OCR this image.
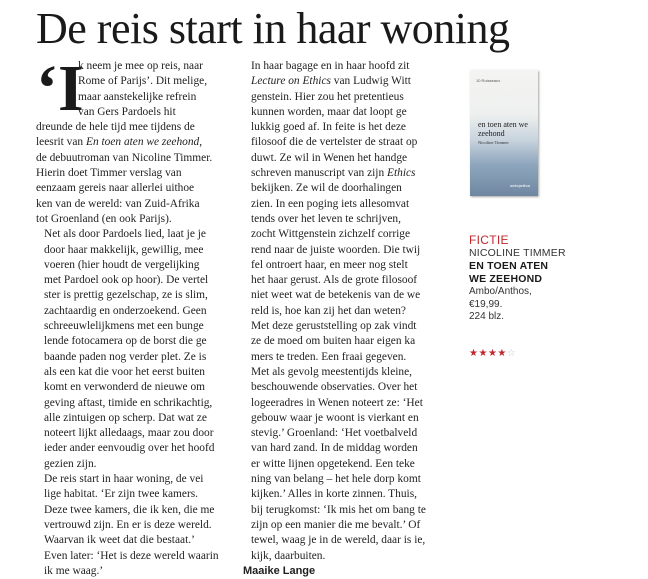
De reis start in haar woning
‘I

k neem je mee op reis, naar
Rome of Parijs’. Dit melige,
maar aanstekelijke refrein
van Gers Pardoels hit
dreunde de hele tijd mee tijdens de
leesrit van En toen aten we zeehond,
de debuutroman van Nicoline Timmer.
Hierin doet Timmer verslag van
eenzaam gereis naar allerlei uithoe
ken van de wereld: van Zuid-Afrika
tot Groenland (en ook Parijs).

Net als door Pardoels lied, laat je je
door haar makkelijk, gewillig, mee
voeren (hier houdt de vergelijking
met Pardoel ook op hoor). De vertel
ster is prettig gezelschap, ze is slim,
zachtaardig en onderzoekend. Geen
schreeuwlelijkmens met een bunge
lende fotocamera op de borst die ge
baande paden nog verder plet. Ze is
als een kat die voor het eerst buiten
komt en verwonderd de nieuwe om
geving aftast, timide en schrikachtig,
alle zintuigen op scherp. Dat wat ze
noteert lijkt alledaags, maar zou door
ieder ander eenvoudig over het hoofd
gezien zijn.

De reis start in haar woning, de vei
lige habitat. ‘Er zijn twee kamers.
Deze twee kamers, die ik ken, die me
vertrouwd zijn. En er is deze wereld.
Waarvan ik weet dat die bestaat.’
Even later: ‘Het is deze wereld waarin
ik me waag.’

In haar bagage en in haar hoofd zit
Lecture on Ethics van Ludwig Witt
genstein. Hier zou het pretentieus
kunnen worden, maar dat loopt ge
lukkig goed af. In feite is het deze
filosoof die de vertelster de straat op
duwt. Ze wil in Wenen het handge
schreven manuscript van zijn Ethics
bekijken. Ze wil de doorhalingen
zien. In een poging iets allesomvat
tends over het leven te schrijven,
zocht Wittgenstein zichzelf corrige
rend naar de juiste woorden. Die twij
fel ontroert haar, en meer nog stelt
het haar gerust. Als de grote filosoof
niet weet wat de betekenis van de we
reld is, hoe kan zij het dan weten?

Met deze geruststelling op zak vindt
ze de moed om buiten haar eigen ka
mers te treden. Een fraai gegeven.
Met als gevolg meestentijds kleine,
beschouwende observaties. Over het
logeeradres in Wenen noteert ze: ‘Het
gebouw waar je woont is vierkant en
stevig.’ Groenland: ‘Het voetbalveld
van hard zand. In de middag worden
er witte lijnen opgetekend. Een teke
ning van belang – het hele dorp komt
kijken.’ Alles in korte zinnen. Thuis,
bij terugkomst: ‘Ik mis het om bang te
zijn op een manier die me bevalt.’ Of
tewel, waag je in de wereld, daar is ie,
kijk, daarbuiten.

Maaike Lange
10 Ruisseaux
en toen aten we zeehond
Nicoline Timmer
ambo|anthos
FICTIE
NICOLINE TIMMER
EN TOEN ATEN
WE ZEEHOND
Ambo/Anthos,
€19,99.
224 blz.
★★★★☆
